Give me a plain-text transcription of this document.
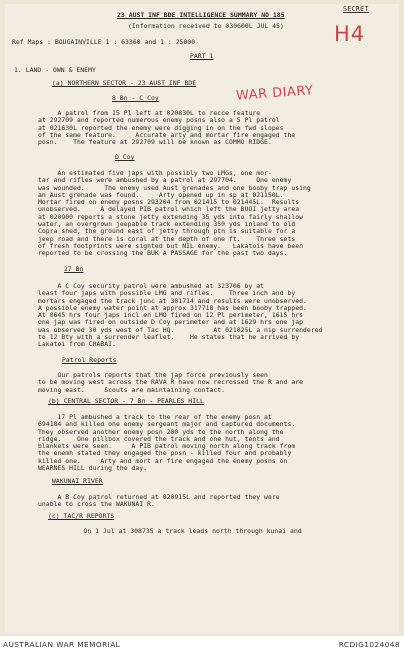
SECRET
H4
WAR DIARY
23 AUST INF BDE INTELLIGENCE SUMMARY NO 185
(Information received to 030600L JUL 45)
Ref Maps : BOUGAINVILLE 1 : 63360 and 1 : 25000
PART 1
1. LAND - OWN & ENEMY
(a) NORTHERN SECTOR - 23 AUST INF BDE
8 Bn - C Coy
A patrol from 15 Pl left at 020830L to recce feature
at 292709 and reported numerous enemy posns also a 5 Pl patrol
at 021630L reported the enemy were digging in on the fwd slopes
of the same feature.     Accurate arty and mortar fire engaged the
posn.    The feature at 292709 will be known as COMMO RIDGE.
D Coy
An estimated five japs with possibly two LMGs, one mor-
tar and rifles were ambushed by a patrol at 297704.     One enemy
was wounded.     The enemy used Aust grenades and one booby trap using
an Aust grenade was found.     Arty opened up in sp at 021150L.
Mortar fired on enemy posns 293204 from 021415 to 021445L.  Results
unobserved.     A delayed PIB patrol which left the BUOI jetty area
at 020900 reports a stone jetty extending 35 yds into fairly shallow
water, an overgrown jeepable track extending 350 yds inland to old
Copra shed, the ground east of jetty through ptn is suitable for a
jeep road and there is coral at the depth of one ft.    Three sets
of fresh footprints were sighted but NIL enemy.   Lakatois have been
reported to be crossing the BUK A PASSAGE for the past two days.
27 Bn
A C Coy security patrol were ambushed at 323706 by at
least four japs with possible LMG and rifles.    Three inch and by
mortars engaged the track junc at 301714 and results were unobserved.
A possible enemy water point at approx 317718 has been booby trapped.
At 0645 hrs four japs incl en LMO fired on 12 Pl perimeter, 1615 hrs
one jap was fired on outside D Coy perimeter and at 1629 hrs one jap
was observed 30 yds west of Tac HQ.          At 021025L a nip surrendered
to 12 Bty with a surrender leaflet.    He states that he arrived by
Lakatoi from CHABAI.
Patrol Reports
Our patrols reports that the jap force previously seen
to be moving west across the RAVA R have now recrossed the R and are
moving east.     Scouts are maintaining contact.
(b) CENTRAL SECTOR - 7 Bn - PEARLES HILL
17 Pl ambushed a track to the rear of the enemy posn at
694184 and killed one enemy sergeant major and captured documents.
They observed another enemy posn 200 yds to the north along the
ridge.    One pillbox covered the track and one hut, tents and
blankets were seen.     A PIB patrol moving north along track from
the enemh stated they engaged the posn - killed four and probably
killed one.     Arty and mort ar fire engaged the enemy posns on
WEARNES HILL during the day.
WAKUNAI RIVER
A B Coy patrol returned at 020915L and reported they were
unable to cross the WAKUNAI R.
(c) TAC/R REPORTS
On 1 Jul at 308735 a track leads north through kunai and
AUSTRALIAN WAR MEMORIAL	RCDIG1024048
